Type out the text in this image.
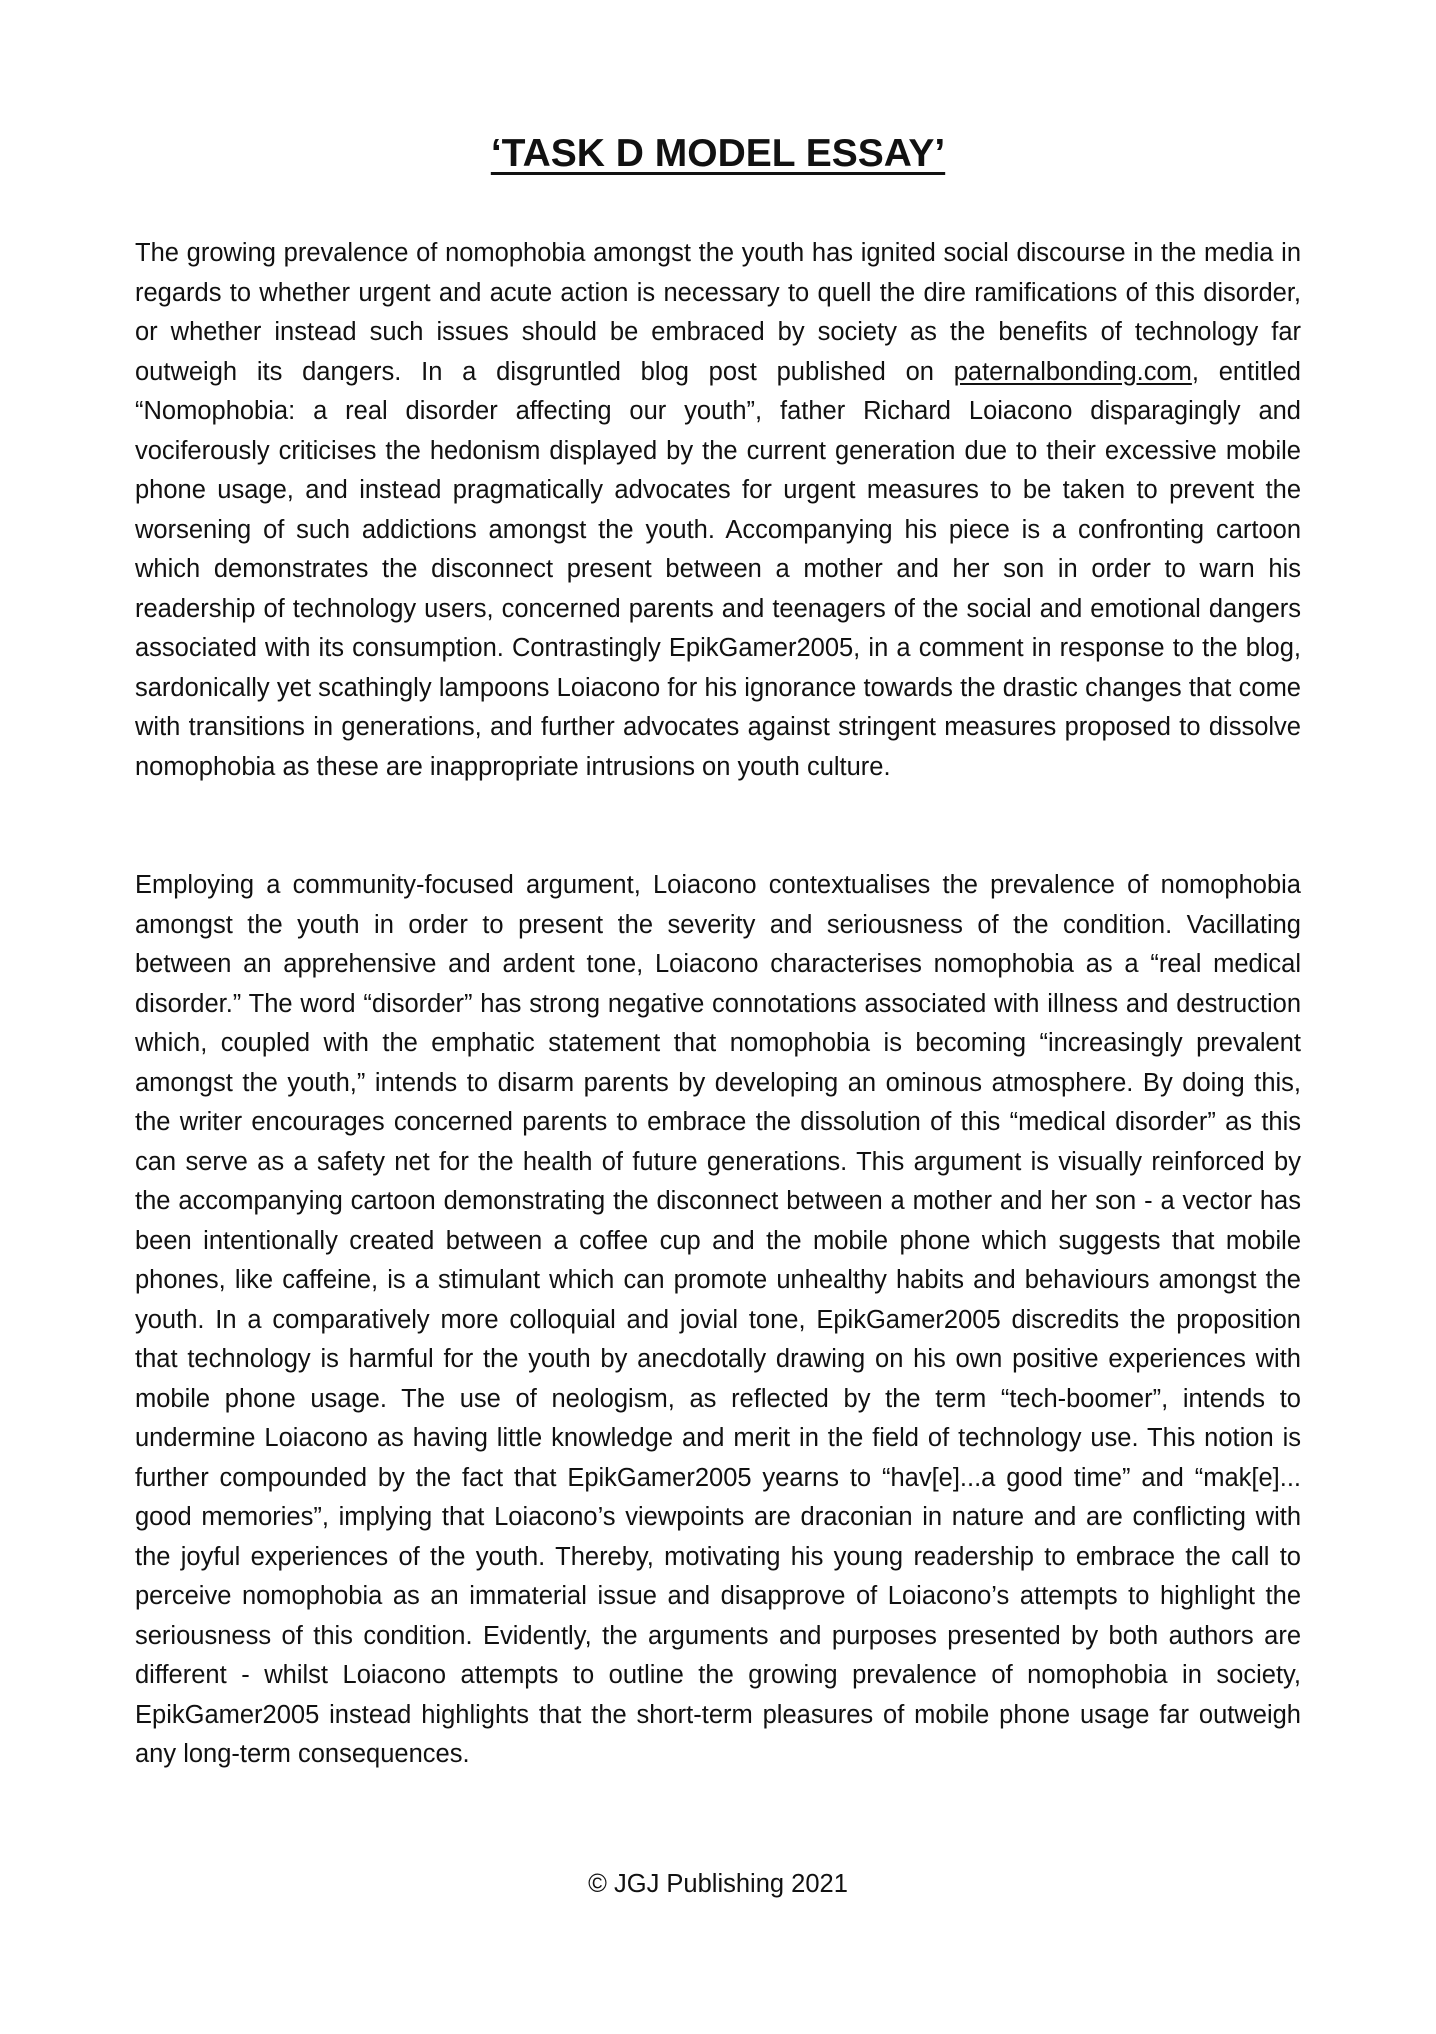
‘TASK D MODEL ESSAY’

The growing prevalence of nomophobia amongst the youth has ignited social discourse in the media in regards to whether urgent and acute action is necessary to quell the dire ramifications of this disorder, or whether instead such issues should be embraced by society as the benefits of technology far outweigh its dangers. In a disgruntled blog post published on paternalbonding.com, entitled “Nomophobia: a real disorder affecting our youth”, father Richard Loiacono disparagingly and vociferously criticises the hedonism displayed by the current generation due to their excessive mobile phone usage, and instead pragmatically advocates for urgent measures to be taken to prevent the worsening of such addictions amongst the youth. Accompanying his piece is a confronting cartoon which demonstrates the disconnect present between a mother and her son in order to warn his readership of technology users, concerned parents and teenagers of the social and emotional dangers associated with its consumption. Contrastingly EpikGamer2005, in a comment in response to the blog, sardonically yet scathingly lampoons Loiacono for his ignorance towards the drastic changes that come with transitions in generations, and further advocates against stringent measures proposed to dissolve nomophobia as these are inappropriate intrusions on youth culture.

Employing a community-focused argument, Loiacono contextualises the prevalence of nomophobia amongst the youth in order to present the severity and seriousness of the condition. Vacillating between an apprehensive and ardent tone, Loiacono characterises nomophobia as a “real medical disorder.” The word “disorder” has strong negative connotations associated with illness and destruction which, coupled with the emphatic statement that nomophobia is becoming “increasingly prevalent amongst the youth,” intends to disarm parents by developing an ominous atmosphere. By doing this, the writer encourages concerned parents to embrace the dissolution of this “medical disorder” as this can serve as a safety net for the health of future generations. This argument is visually reinforced by the accompanying cartoon demonstrating the disconnect between a mother and her son - a vector has been intentionally created between a coffee cup and the mobile phone which suggests that mobile phones, like caffeine, is a stimulant which can promote unhealthy habits and behaviours amongst the youth. In a comparatively more colloquial and jovial tone, EpikGamer2005 discredits the proposition that technology is harmful for the youth by anecdotally drawing on his own positive experiences with mobile phone usage. The use of neologism, as reflected by the term “tech-boomer”, intends to undermine Loiacono as having little knowledge and merit in the field of technology use. This notion is further compounded by the fact that EpikGamer2005 yearns to “hav[e]...a good time” and “mak[e]... good memories”, implying that Loiacono’s viewpoints are draconian in nature and are conflicting with the joyful experiences of the youth. Thereby, motivating his young readership to embrace the call to perceive nomophobia as an immaterial issue and disapprove of Loiacono’s attempts to highlight the seriousness of this condition. Evidently, the arguments and purposes presented by both authors are different - whilst Loiacono attempts to outline the growing prevalence of nomophobia in society, EpikGamer2005 instead highlights that the short-term pleasures of mobile phone usage far outweigh any long-term consequences.

© JGJ Publishing 2021
